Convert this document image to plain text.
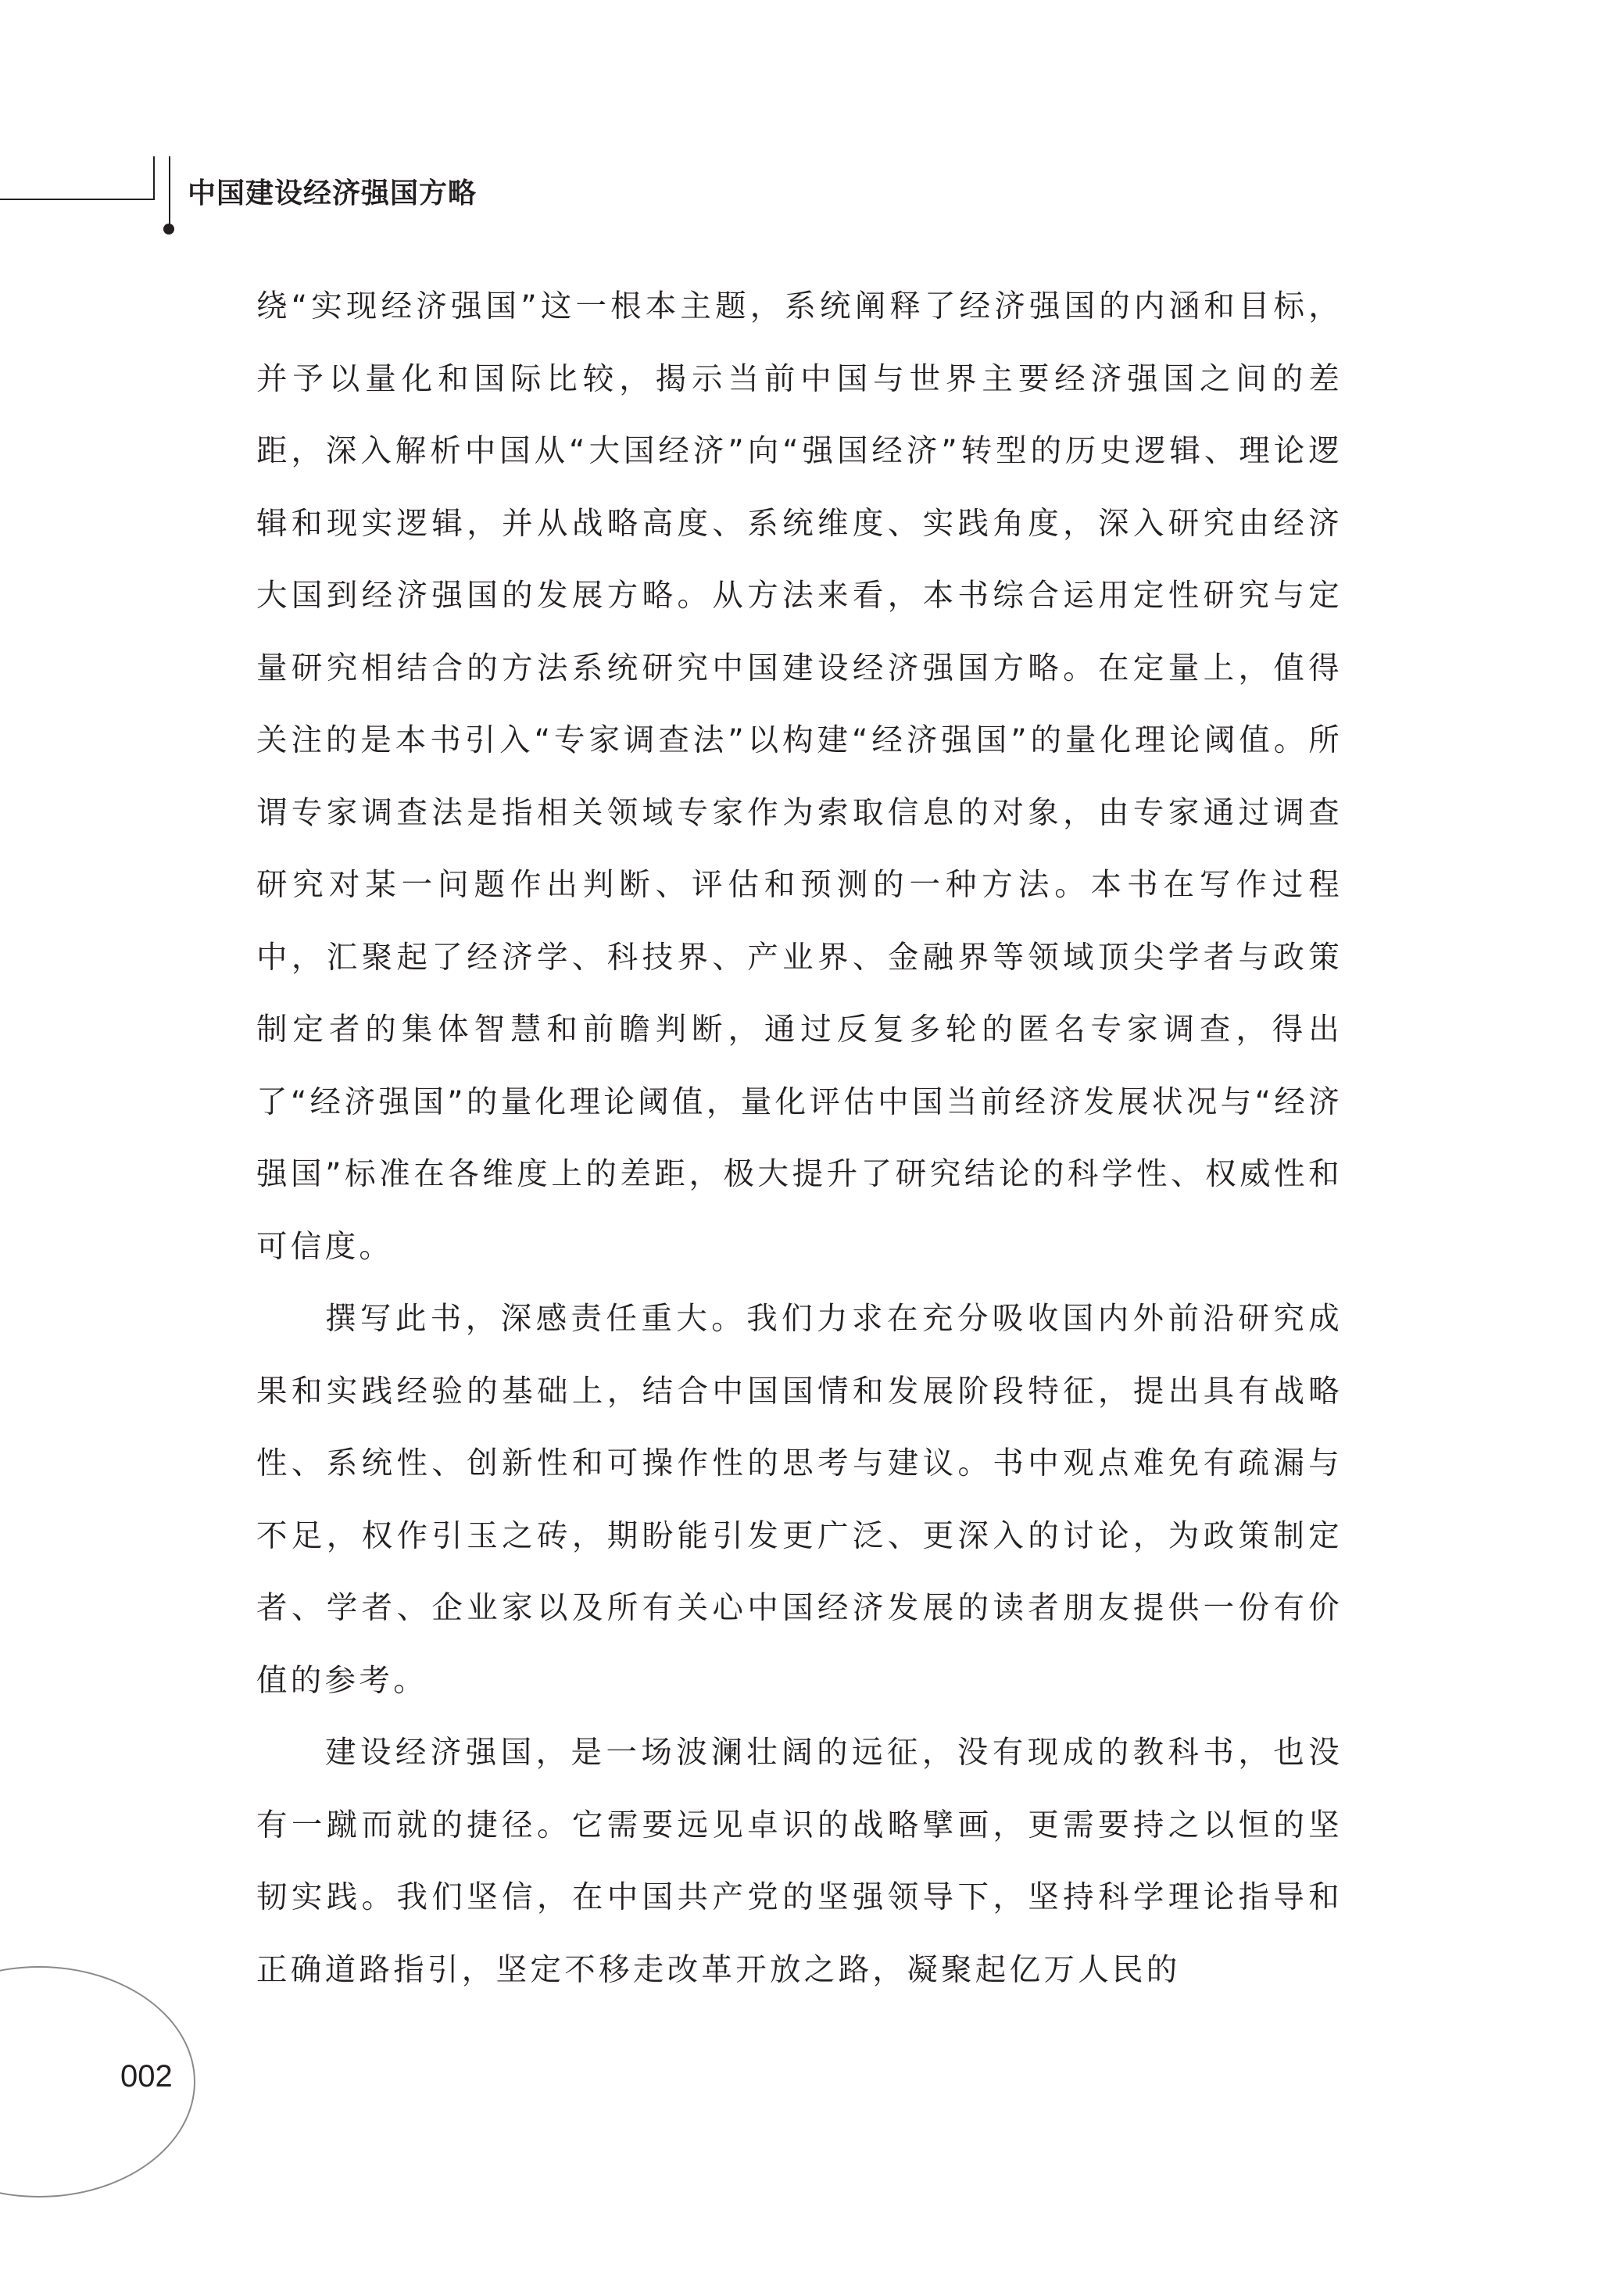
中国建设经济强国方略

绕“实现经济强国”这一根本主题，系统阐释了经济强国的内涵和目标，并予以量化和国际比较，揭示当前中国与世界主要经济强国之间的差距，深入解析中国从“大国经济”向“强国经济”转型的历史逻辑、理论逻辑和现实逻辑，并从战略高度、系统维度、实践角度，深入研究由经济大国到经济强国的发展方略。从方法来看，本书综合运用定性研究与定量研究相结合的方法系统研究中国建设经济强国方略。在定量上，值得关注的是本书引入“专家调查法”以构建“经济强国”的量化理论阈值。所谓专家调查法是指相关领域专家作为索取信息的对象，由专家通过调查研究对某一问题作出判断、评估和预测的一种方法。本书在写作过程中，汇聚起了经济学、科技界、产业界、金融界等领域顶尖学者与政策制定者的集体智慧和前瞻判断，通过反复多轮的匿名专家调查，得出了“经济强国”的量化理论阈值，量化评估中国当前经济发展状况与“经济强国”标准在各维度上的差距，极大提升了研究结论的科学性、权威性和可信度。

撰写此书，深感责任重大。我们力求在充分吸收国内外前沿研究成果和实践经验的基础上，结合中国国情和发展阶段特征，提出具有战略性、系统性、创新性和可操作性的思考与建议。书中观点难免有疏漏与不足，权作引玉之砖，期盼能引发更广泛、更深入的讨论，为政策制定者、学者、企业家以及所有关心中国经济发展的读者朋友提供一份有价值的参考。

建设经济强国，是一场波澜壮阔的远征，没有现成的教科书，也没有一蹴而就的捷径。它需要远见卓识的战略擘画，更需要持之以恒的坚韧实践。我们坚信，在中国共产党的坚强领导下，坚持科学理论指导和正确道路指引，坚定不移走改革开放之路，凝聚起亿万人民的

002
